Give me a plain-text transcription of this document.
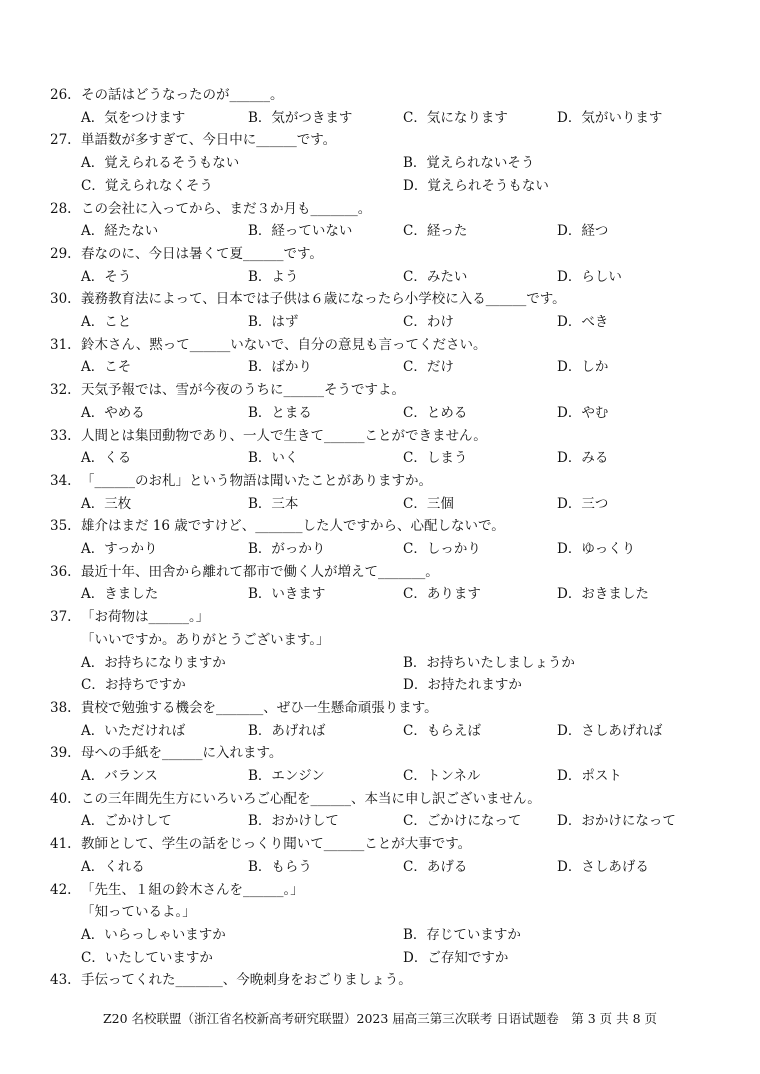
26. その話はどうなったのが______。
A．気をつけます	B．気がつきます	C．気になります	D．気がいります
27. 単語数が多すぎて、今日中に______です。
A．覚えられるそうもない	B．覚えられないそう
C．覚えられなくそう	D．覚えられそうもない
28. この会社に入ってから、まだ３か月も_______。
A．経たない	B．経っていない	C．経った	D．経つ
29. 春なのに、今日は暑くて夏______です。
A．そう	B．よう	C．みたい	D．らしい
30. 義務教育法によって、日本では子供は６歳になったら小学校に入る______です。
A．こと	B．はず	C．わけ	D．べき
31. 鈴木さん、黙って______いないで、自分の意見も言ってください。
A．こそ	B．ばかり	C．だけ	D．しか
32. 天気予報では、雪が今夜のうちに______そうですよ。
A．やめる	B．とまる	C．とめる	D．やむ
33. 人間とは集団動物であり、一人で生きて______ことができません。
A．くる	B．いく	C．しまう	D．みる
34. 「______のお札」という物語は聞いたことがありますか。
A．三枚	B．三本	C．三個	D．三つ
35. 雄介はまだ 16 歳ですけど、_______した人ですから、心配しないで。
A．すっかり	B．がっかり	C．しっかり	D．ゆっくり
36. 最近十年、田舎から離れて都市で働く人が増えて_______。
A．きました	B．いきます	C．あります	D．おきました
37. 「お荷物は______。」
「いいですか。ありがとうございます。」
A．お持ちになりますか	B．お持ちいたしましょうか
C．お持ちですか	D．お持たれますか
38. 貴校で勉強する機会を_______、ぜひ一生懸命頑張ります。
A．いただければ	B．あげれば	C．もらえば	D．さしあげれば
39. 母への手紙を______に入れます。
A．バランス	B．エンジン	C．トンネル	D．ポスト
40. この三年間先生方にいろいろご心配を______、本当に申し訳ございません。
A．ごかけして	B．おかけして	C．ごかけになって	D．おかけになって
41. 教師として、学生の話をじっくり聞いて______ことが大事です。
A．くれる	B．もらう	C．あげる	D．さしあげる
42. 「先生、１組の鈴木さんを______。」
「知っているよ。」
A．いらっしゃいますか	B．存じていますか
C．いたしていますか	D．ご存知ですか
43. 手伝ってくれた_______、今晩刺身をおごりましょう。
Z20 名校联盟（浙江省名校新高考研究联盟）2023 届高三第三次联考 日语试题卷　第 3 页 共 8 页
